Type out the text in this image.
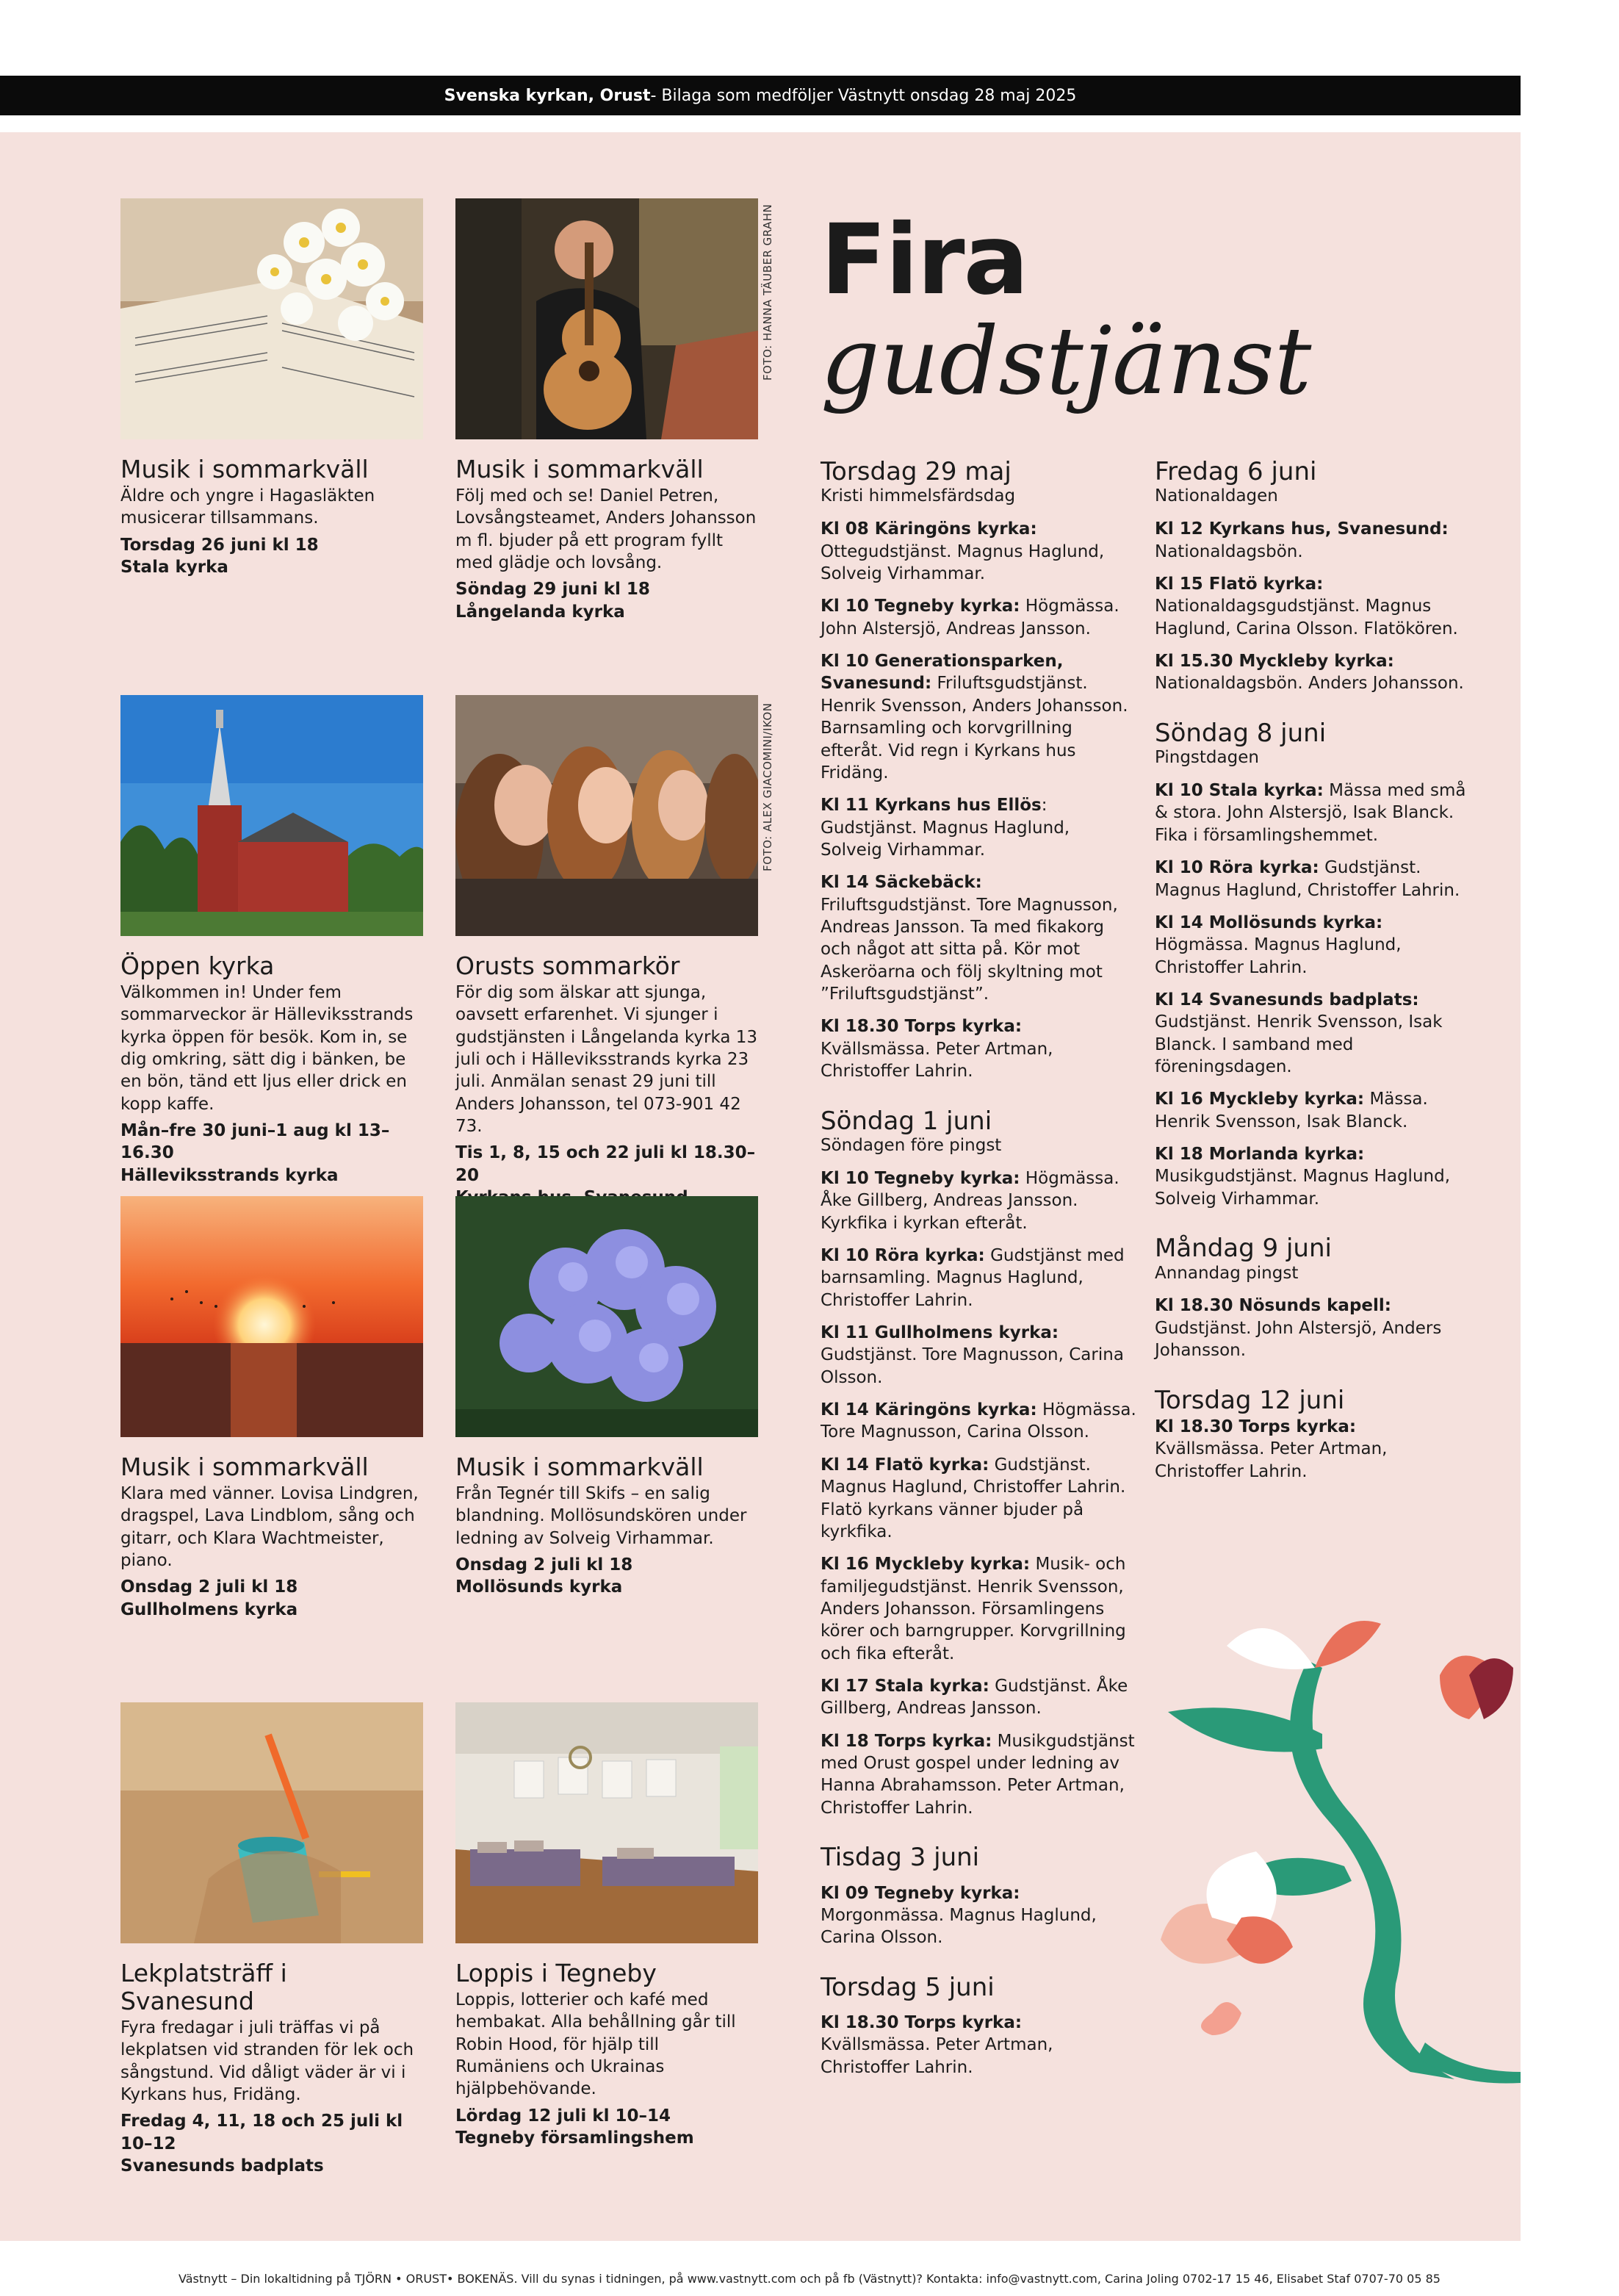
Svenska kyrkan, Orust - Bilaga som medföljer Västnytt onsdag 28 maj 2025
Musik i sommarkväll
Äldre och yngre i Hagasläkten musicerar tillsammans.
Torsdag 26 juni kl 18
Stala kyrka
Musik i sommarkväll
Följ med och se! Daniel Petren, Lovsångsteamet, Anders Johansson m fl. bjuder på ett program fyllt med glädje och lovsång.
Söndag 29 juni kl 18
Långelanda kyrka
FOTO: HANNA TÄUBER GRAHN
Öppen kyrka
Välkommen in! Under fem sommarveckor är Hälleviksstrands kyrka öppen för besök. Kom in, se dig omkring, sätt dig i bänken, be en bön, tänd ett ljus eller drick en kopp kaffe.
Mån–fre 30 juni–1 aug kl 13–16.30
Hälleviksstrands kyrka
Orusts sommarkör
För dig som älskar att sjunga, oavsett erfarenhet. Vi sjunger i gudstjänsten i Långelanda kyrka 13 juli och i Hälleviksstrands kyrka 23 juli. Anmälan senast 29 juni till Anders Johansson, tel 073-901 42 73.
Tis 1, 8, 15 och 22 juli kl 18.30–20
FOTO: ALEX GIACOMINI/IKON
Musik i sommarkväll
Klara med vänner. Lovisa Lindgren, dragspel, Lava Lindblom, sång och gitarr, och Klara Wachtmeister, piano.
Onsdag 2 juli kl 18
Gullholmens kyrka
Musik i sommarkväll
Från Tegnér till Skifs – en salig blandning. Mollösundskören under ledning av Solveig Virhammar.
Onsdag 2 juli kl 18
Mollösunds kyrka
Lekplatsträff i Svanesund
Fyra fredagar i juli träffas vi på lekplatsen vid stranden för lek och sångstund. Vid dåligt väder är vi i Kyrkans hus, Fridäng.
Fredag 4, 11, 18 och 25 juli kl 10–12
Svanesunds badplats
Loppis i Tegneby
Loppis, lotterier och kafé med hembakat. Alla behållning går till Robin Hood, för hjälp till Rumäniens och Ukrainas hjälpbehövande.
Lördag 12 juli kl 10–14
Tegneby församlingshem
Fira
gudstjänst
Torsdag 29 maj
Kristi himmelsfärdsdag
Kl 08 Käringöns kyrka: Ottegudstjänst. Magnus Haglund, Solveig Virhammar.
Kl 10 Tegneby kyrka: Högmässa. John Alstersjö, Andreas Jansson.
Kl 10 Generationsparken, Svanesund: Friluftsgudstjänst. Henrik Svensson, Anders Johansson. Barnsamling och korvgrillning efteråt. Vid regn i Kyrkans hus Fridäng.
Kl 11 Kyrkans hus Ellös: Gudstjänst. Magnus Haglund, Solveig Virhammar.
Kl 14 Säckebäck: Friluftsgudstjänst. Tore Magnusson, Andreas Jansson. Ta med fikakorg och något att sitta på. Kör mot Askeröarna och följ skyltning mot ”Friluftsgudstjänst”.
Kl 18.30 Torps kyrka: Kvällsmässa. Peter Artman, Christoffer Lahrin.
Söndag 1 juni
Söndagen före pingst
Kl 10 Tegneby kyrka: Högmässa. Åke Gillberg, Andreas Jansson. Kyrkfika i kyrkan efteråt.
Kl 10 Röra kyrka: Gudstjänst med barnsamling. Magnus Haglund, Christoffer Lahrin.
Kl 11 Gullholmens kyrka: Gudstjänst. Tore Magnusson, Carina Olsson.
Kl 14 Käringöns kyrka: Högmässa. Tore Magnusson, Carina Olsson.
Kl 14 Flatö kyrka: Gudstjänst. Magnus Haglund, Christoffer Lahrin. Flatö kyrkans vänner bjuder på kyrkfika.
Kl 16 Myckleby kyrka: Musik- och familjegudstjänst. Henrik Svensson, Anders Johansson. Församlingens körer och barngrupper. Korvgrillning och fika efteråt.
Kl 17 Stala kyrka: Gudstjänst. Åke Gillberg, Andreas Jansson.
Kl 18 Torps kyrka: Musikgudstjänst med Orust gospel under ledning av Hanna Abrahamsson. Peter Artman, Christoffer Lahrin.
Tisdag 3 juni
Kl 09 Tegneby kyrka: Morgonmässa. Magnus Haglund, Carina Olsson.
Torsdag 5 juni
Kl 18.30 Torps kyrka: Kvällsmässa. Peter Artman, Christoffer Lahrin.
Fredag 6 juni
Nationaldagen
Kl 12 Kyrkans hus, Svanesund: Nationaldagsbön.
Kl 15 Flatö kyrka: Nationaldagsgudstjänst. Magnus Haglund, Carina Olsson. Flatökören.
Kl 15.30 Myckleby kyrka: Nationaldagsbön. Anders Johansson.
Söndag 8 juni
Pingstdagen
Kl 10 Stala kyrka: Mässa med små & stora. John Alstersjö, Isak Blanck. Fika i församlingshemmet.
Kl 10 Röra kyrka: Gudstjänst. Magnus Haglund, Christoffer Lahrin.
Kl 14 Mollösunds kyrka: Högmässa. Magnus Haglund, Christoffer Lahrin.
Kl 14 Svanesunds badplats: Gudstjänst. Henrik Svensson, Isak Blanck. I samband med föreningsdagen.
Kl 16 Myckleby kyrka: Mässa. Henrik Svensson, Isak Blanck.
Kl 18 Morlanda kyrka: Musikgudstjänst. Magnus Haglund, Solveig Virhammar.
Måndag 9 juni
Annandag pingst
Kl 18.30 Nösunds kapell: Gudstjänst. John Alstersjö, Anders Johansson.
Torsdag 12 juni
Kl 18.30 Torps kyrka: Kvällsmässa. Peter Artman, Christoffer Lahrin.
Västnytt – Din lokaltidning på TJÖRN • ORUST• BOKENÄS. Vill du synas i tidningen, på www.vastnytt.com och på fb (Västnytt)? Kontakta: info@vastnytt.com, Carina Joling 0702-17 15 46, Elisabet Staf 0707-70 05 85
